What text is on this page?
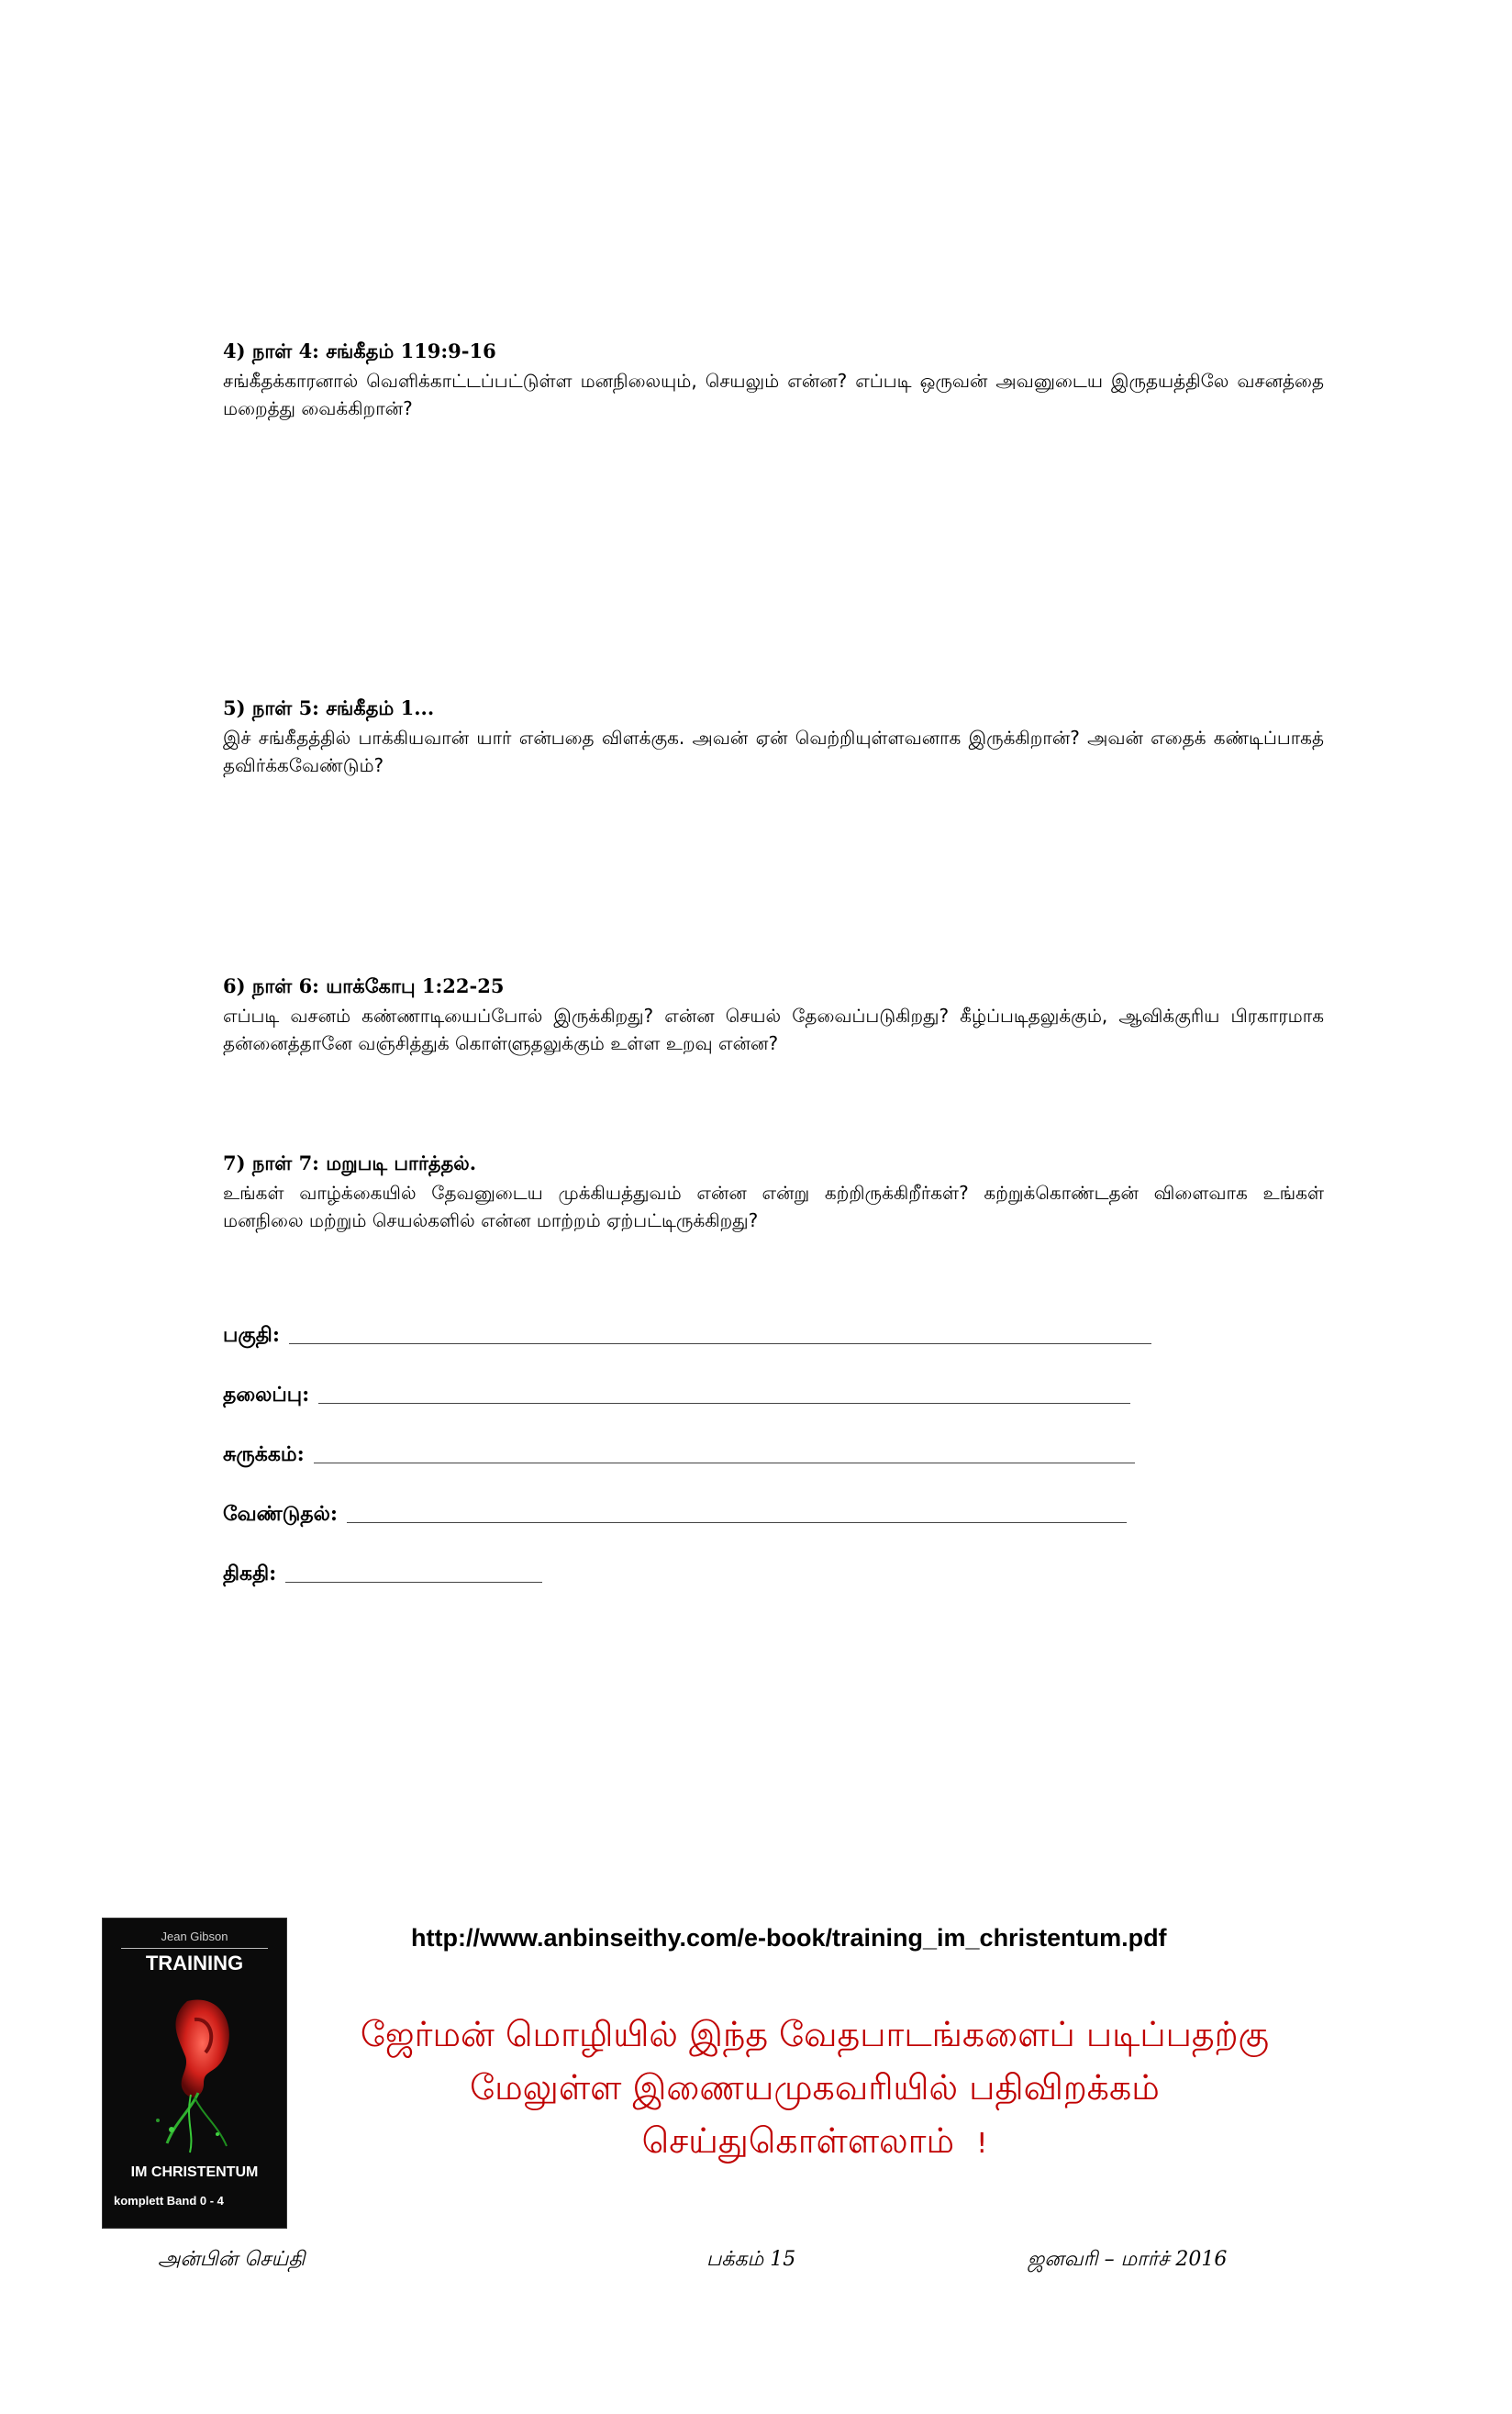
4) நாள் 4: சங்கீதம் 119:9-16
சங்கீதக்காரனால் வெளிக்காட்டப்பட்டுள்ள மனநிலையும், செயலும் என்ன? எப்படி ஒருவன் அவனுடைய இருதயத்திலே வசனத்தை மறைத்து வைக்கிறான்?
5) நாள் 5: சங்கீதம் 1...
இச் சங்கீதத்தில் பாக்கியவான் யார் என்பதை விளக்குக. அவன் ஏன் வெற்றியுள்ளவனாக இருக்கிறான்? அவன் எதைக் கண்டிப்பாகத் தவிர்க்கவேண்டும்?
6) நாள் 6: யாக்கோபு 1:22-25
எப்படி வசனம் கண்ணாடியைப்போல் இருக்கிறது? என்ன செயல் தேவைப்படுகிறது? கீழ்ப்படிதலுக்கும், ஆவிக்குரிய பிரகாரமாக தன்னைத்தானே வஞ்சித்துக் கொள்ளுதலுக்கும் உள்ள உறவு என்ன?
7) நாள் 7: மறுபடி பார்த்தல்.
உங்கள் வாழ்க்கையில் தேவனுடைய முக்கியத்துவம் என்ன என்று கற்றிருக்கிறீர்கள்? கற்றுக்கொண்டதன் விளைவாக உங்கள் மனநிலை மற்றும் செயல்களில் என்ன மாற்றம் ஏற்பட்டிருக்கிறது?
பகுதி:
தலைப்பு:
சுருக்கம்:
வேண்டுதல்:
திகதி:
Jean Gibson
TRAINING
IM CHRISTENTUM
komplett Band 0 - 4
http://www.anbinseithy.com/e-book/training_im_christentum.pdf
ஜேர்மன் மொழியில் இந்த வேதபாடங்களைப் படிப்பதற்கு
மேலுள்ள இணையமுகவரியில் பதிவிறக்கம்
செய்துகொள்ளலாம் !
அன்பின் செய்தி	பக்கம் 15	ஜனவரி – மார்ச் 2016
